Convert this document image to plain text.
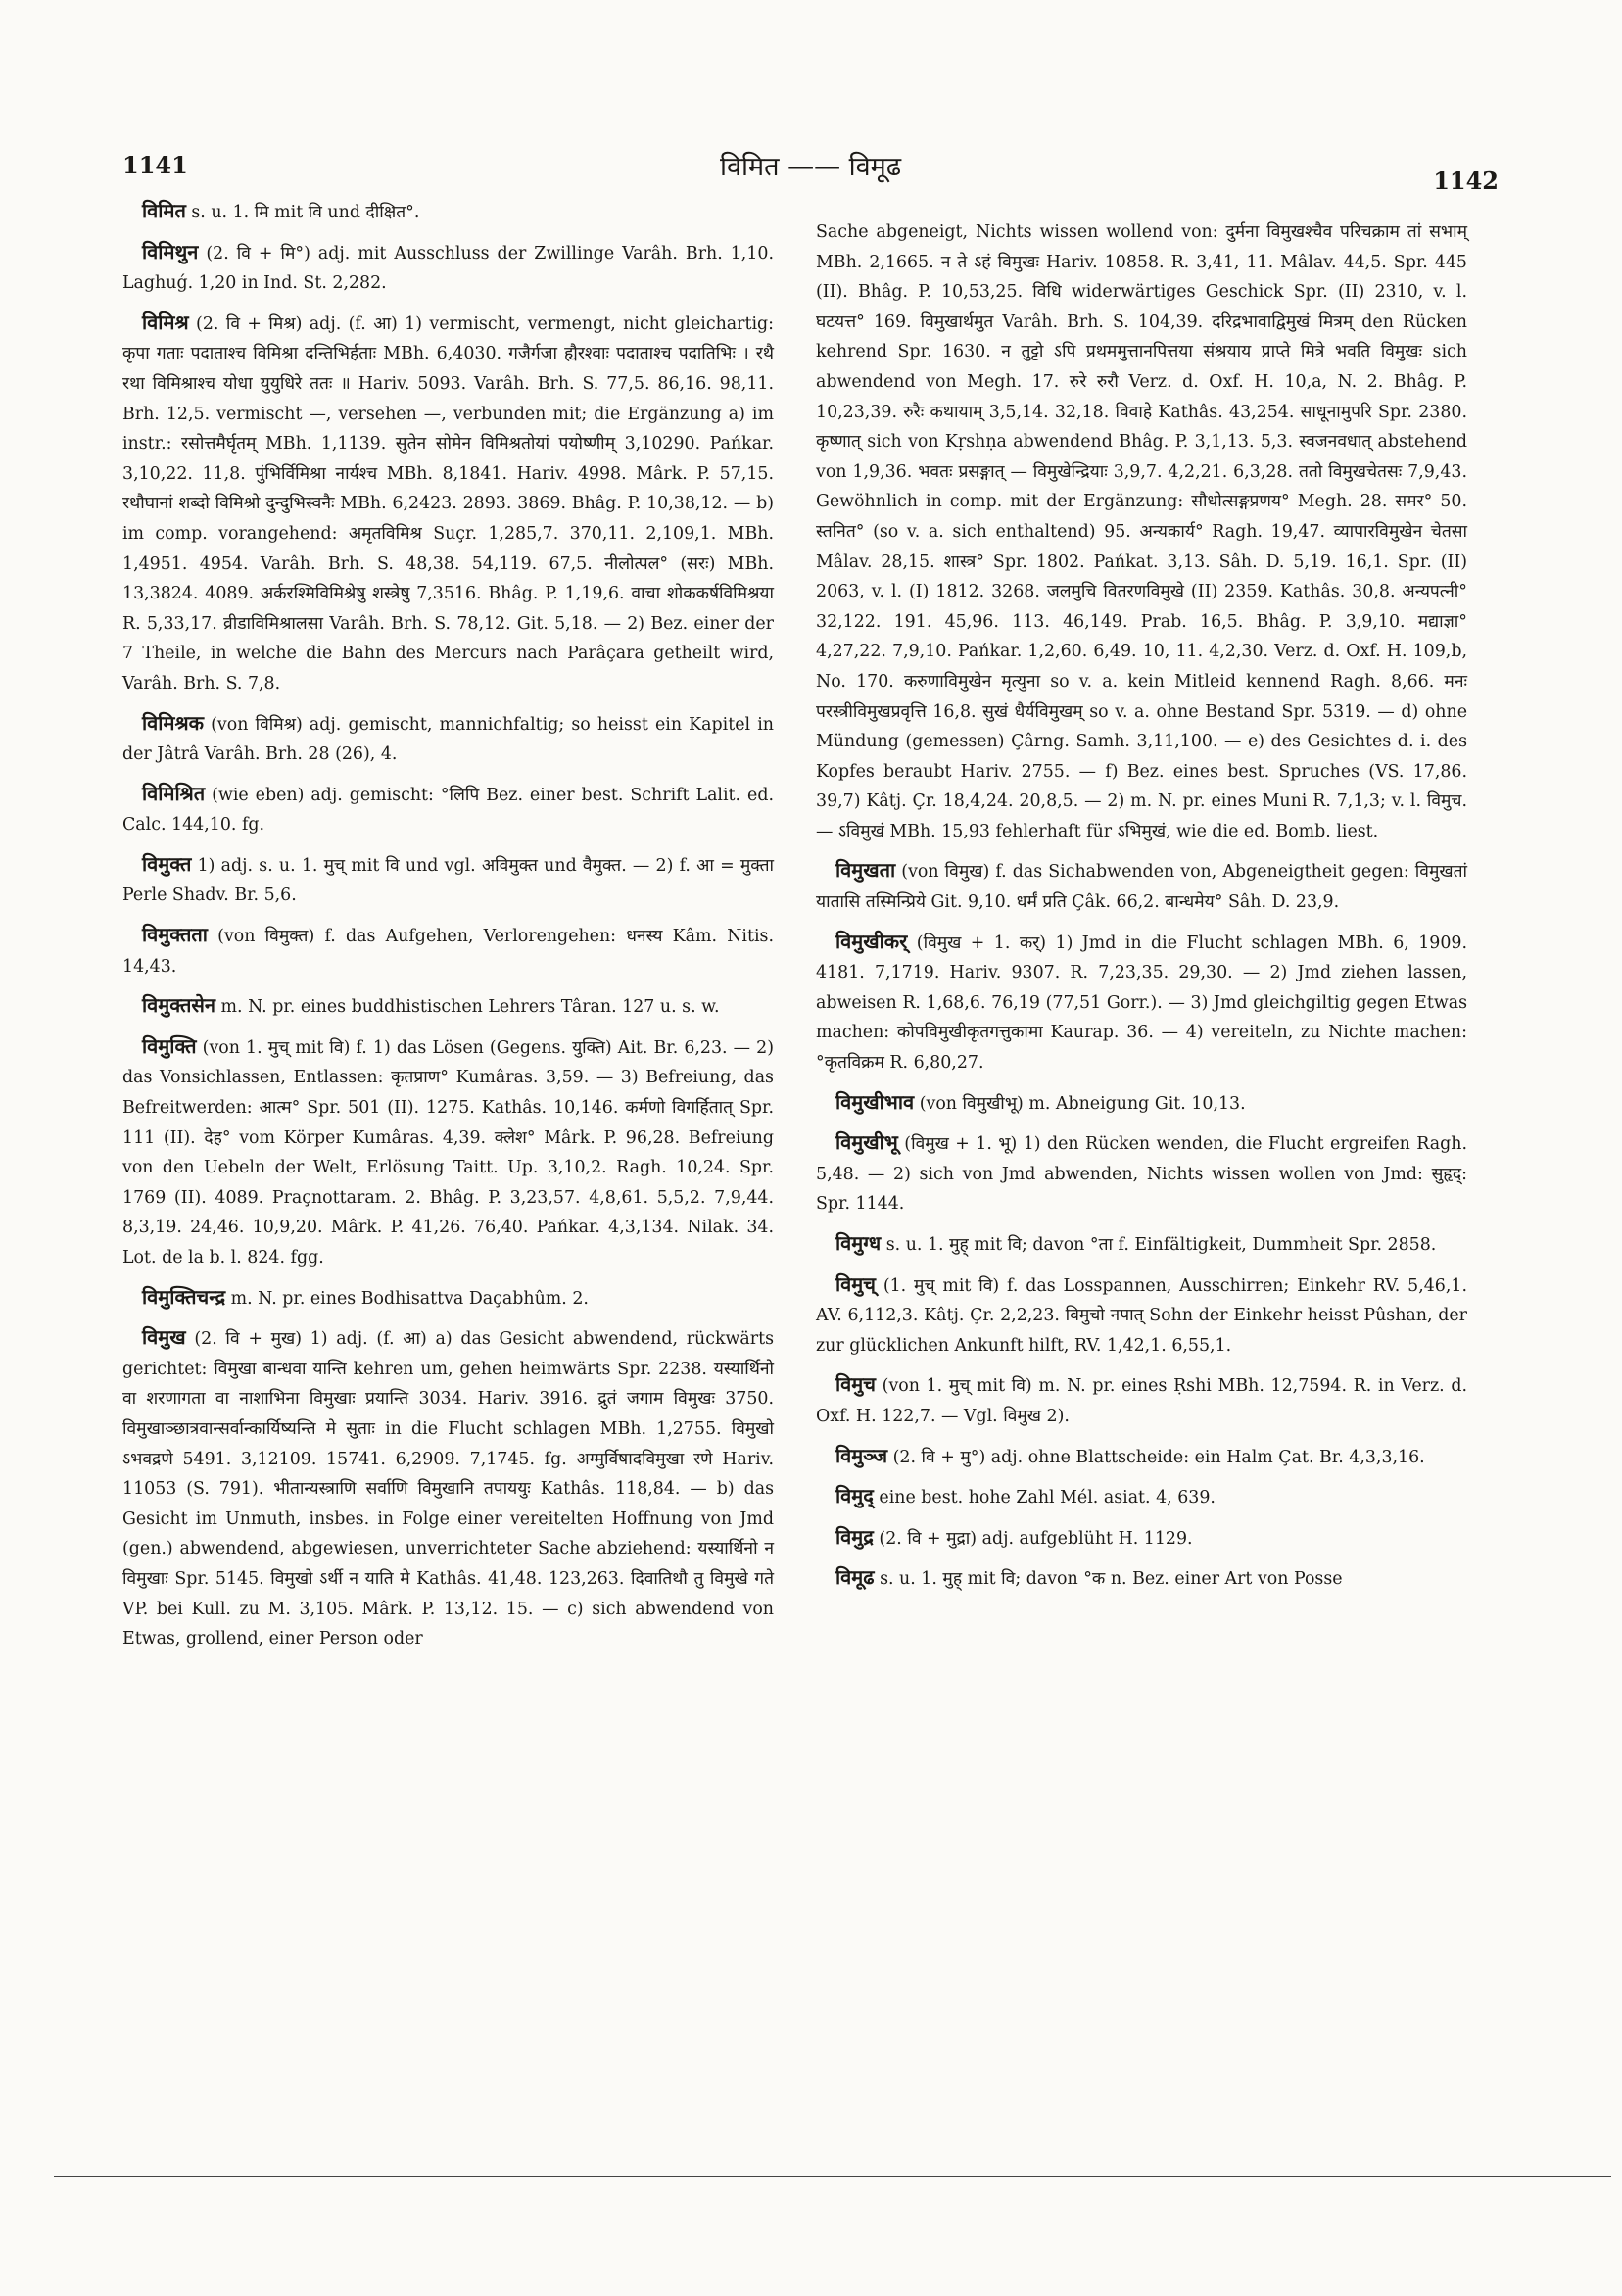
1141	विमित —— विमूढ	1142

विमित s. u. 1. मि mit वि und दीक्षित°.

विमिथुन (2. वि + मि°) adj. mit Ausschluss der Zwillinge Varâh. Brh. 1,10. Laghuǵ. 1,20 in Ind. St. 2,282.

विमिश्र (2. वि + मिश्र) adj. (f. आ) 1) vermischt, vermengt, nicht gleichartig: कृपा गताः पदाताश्च विमिश्रा दन्तिभिर्हताः MBh. 6,4030. गजैर्गजा ह्यैरश्वाः पदाताश्च पदातिभिः । रथै रथा विमिश्राश्च योधा युयुधिरे ततः ॥ Hariv. 5093. Varâh. Brh. S. 77,5. 86,16. 98,11. Brh. 12,5. vermischt —, versehen —, verbunden mit; die Ergänzung a) im instr.: रसोत्तमैर्घृतम् MBh. 1,1139. सुतेन सोमेन विमिश्रतोयां पयोष्णीम् 3,10290. Pańkar. 3,10,22. 11,8. पुंभिर्विमिश्रा नार्यश्च MBh. 8,1841. Hariv. 4998. Mârk. P. 57,15. रथौघानां शब्दो विमिश्रो दुन्दुभिस्वनैः MBh. 6,2423. 2893. 3869. Bhâg. P. 10,38,12. — b) im comp. vorangehend: अमृतविमिश्र Suçr. 1,285,7. 370,11. 2,109,1. MBh. 1,4951. 4954. Varâh. Brh. S. 48,38. 54,119. 67,5. नीलोत्पल° (सरः) MBh. 13,3824. 4089. अर्करश्मिविमिश्रेषु शस्त्रेषु 7,3516. Bhâg. P. 1,19,6. वाचा शोककर्षविमिश्रया R. 5,33,17. व्रीडाविमिश्रालसा Varâh. Brh. S. 78,12. Git. 5,18. — 2) Bez. einer der 7 Theile, in welche die Bahn des Mercurs nach Parâçara getheilt wird, Varâh. Brh. S. 7,8.

विमिश्रक (von विमिश्र) adj. gemischt, mannichfaltig; so heisst ein Kapitel in der Jâtrâ Varâh. Brh. 28 (26), 4.

विमिश्रित (wie eben) adj. gemischt: °लिपि Bez. einer best. Schrift Lalit. ed. Calc. 144,10. fg.

विमुक्त 1) adj. s. u. 1. मुच् mit वि und vgl. अविमुक्त und वैमुक्त. — 2) f. आ = मुक्ता Perle Shadv. Br. 5,6.

विमुक्तता (von विमुक्त) f. das Aufgehen, Verlorengehen: धनस्य Kâm. Nitis. 14,43.

विमुक्तसेन m. N. pr. eines buddhistischen Lehrers Târan. 127 u. s. w.

विमुक्ति (von 1. मुच् mit वि) f. 1) das Lösen (Gegens. युक्ति) Ait. Br. 6,23. — 2) das Vonsichlassen, Entlassen: कृतप्राण° Kumâras. 3,59. — 3) Befreiung, das Befreitwerden: आत्म° Spr. 501 (II). 1275. Kathâs. 10,146. कर्मणो विगर्हितात् Spr. 111 (II). देह° vom Körper Kumâras. 4,39. क्लेश° Mârk. P. 96,28. Befreiung von den Uebeln der Welt, Erlösung Taitt. Up. 3,10,2. Ragh. 10,24. Spr. 1769 (II). 4089. Praçnottaram. 2. Bhâg. P. 3,23,57. 4,8,61. 5,5,2. 7,9,44. 8,3,19. 24,46. 10,9,20. Mârk. P. 41,26. 76,40. Pańkar. 4,3,134. Nilak. 34. Lot. de la b. l. 824. fgg.

विमुक्तिचन्द्र m. N. pr. eines Bodhisattva Daçabhûm. 2.

विमुख (2. वि + मुख) 1) adj. (f. आ) a) das Gesicht abwendend, rückwärts gerichtet: विमुखा बान्धवा यान्ति kehren um, gehen heimwärts Spr. 2238. यस्यार्थिनो वा शरणागता वा नाशाभिना विमुखाः प्रयान्ति 3034. Hariv. 3916. द्रुतं जगाम विमुखः 3750. विमुखाञ्छात्रवान्सर्वान्कार्यिष्यन्ति मे सुताः in die Flucht schlagen MBh. 1,2755. विमुखो ऽभवद्रणे 5491. 3,12109. 15741. 6,2909. 7,1745. fg. अग्मुर्विषादविमुखा रणे Hariv. 11053 (S. 791). भीतान्यस्त्राणि सर्वाणि विमुखानि तपाययुः Kathâs. 118,84. — b) das Gesicht im Unmuth, insbes. in Folge einer vereitelten Hoffnung von Jmd (gen.) abwendend, abgewiesen, unverrichteter Sache abziehend: यस्यार्थिनो न विमुखाः Spr. 5145. विमुखो ऽर्थी न याति मे Kathâs. 41,48. 123,263. दिवातिथौ तु विमुखे गते VP. bei Kull. zu M. 3,105. Mârk. P. 13,12. 15. — c) sich abwendend von Etwas, grollend, einer Person oder

Sache abgeneigt, Nichts wissen wollend von: दुर्मना विमुखश्चैव परिचक्राम तां सभाम् MBh. 2,1665. न ते ऽहं विमुखः Hariv. 10858. R. 3,41, 11. Mâlav. 44,5. Spr. 445 (II). Bhâg. P. 10,53,25. विधि widerwärtiges Geschick Spr. (II) 2310, v. l. घटयत्त° 169. विमुखार्थमुत Varâh. Brh. S. 104,39. दरिद्रभावाद्विमुखं मित्रम् den Rücken kehrend Spr. 1630. न तुट्टो ऽपि प्रथममुत्तानपित्तया संश्रयाय प्राप्ते मित्रे भवति विमुखः sich abwendend von Megh. 17. रुरे रुरौ Verz. d. Oxf. H. 10,a, N. 2. Bhâg. P. 10,23,39. रुरैः कथायाम् 3,5,14. 32,18. विवाहे Kathâs. 43,254. साधूनामुपरि Spr. 2380. कृष्णात् sich von Kṛshṇa abwendend Bhâg. P. 3,1,13. 5,3. स्वजनवधात् abstehend von 1,9,36. भवतः प्रसङ्गात् — विमुखेन्द्रियाः 3,9,7. 4,2,21. 6,3,28. ततो विमुखचेतसः 7,9,43. Gewöhnlich in comp. mit der Ergänzung: सौधोत्सङ्गप्रणय° Megh. 28. समर° 50. स्तनित° (so v. a. sich enthaltend) 95. अन्यकार्य° Ragh. 19,47. व्यापारविमुखेन चेतसा Mâlav. 28,15. शास्त्र° Spr. 1802. Pańkat. 3,13. Sâh. D. 5,19. 16,1. Spr. (II) 2063, v. l. (I) 1812. 3268. जलमुचि वितरणविमुखे (II) 2359. Kathâs. 30,8. अन्यपत्नी° 32,122. 191. 45,96. 113. 46,149. Prab. 16,5. Bhâg. P. 3,9,10. मद्याज्ञा° 4,27,22. 7,9,10. Pańkar. 1,2,60. 6,49. 10, 11. 4,2,30. Verz. d. Oxf. H. 109,b, No. 170. करुणाविमुखेन मृत्युना so v. a. kein Mitleid kennend Ragh. 8,66. मनः परस्त्रीविमुखप्रवृत्ति 16,8. सुखं धैर्यविमुखम् so v. a. ohne Bestand Spr. 5319. — d) ohne Mündung (gemessen) Çârng. Samh. 3,11,100. — e) des Gesichtes d. i. des Kopfes beraubt Hariv. 2755. — f) Bez. eines best. Spruches (VS. 17,86. 39,7) Kâtj. Çr. 18,4,24. 20,8,5. — 2) m. N. pr. eines Muni R. 7,1,3; v. l. विमुच. — ऽविमुखं MBh. 15,93 fehlerhaft für ऽभिमुखं, wie die ed. Bomb. liest.

विमुखता (von विमुख) f. das Sichabwenden von, Abgeneigtheit gegen: विमुखतां यातासि तस्मिन्प्रिये Git. 9,10. धर्मं प्रति Çâk. 66,2. बान्धमेय° Sâh. D. 23,9.

विमुखीकर् (विमुख + 1. कर्) 1) Jmd in die Flucht schlagen MBh. 6, 1909. 4181. 7,1719. Hariv. 9307. R. 7,23,35. 29,30. — 2) Jmd ziehen lassen, abweisen R. 1,68,6. 76,19 (77,51 Gorr.). — 3) Jmd gleichgiltig gegen Etwas machen: कोपविमुखीकृतगत्तुकामा Kaurap. 36. — 4) vereiteln, zu Nichte machen: °कृतविक्रम R. 6,80,27.

विमुखीभाव (von विमुखीभू) m. Abneigung Git. 10,13.

विमुखीभू (विमुख + 1. भू) 1) den Rücken wenden, die Flucht ergreifen Ragh. 5,48. — 2) sich von Jmd abwenden, Nichts wissen wollen von Jmd: सुहृद्: Spr. 1144.

विमुग्ध s. u. 1. मुह् mit वि; davon °ता f. Einfältigkeit, Dummheit Spr. 2858.

विमुच् (1. मुच् mit वि) f. das Losspannen, Ausschirren; Einkehr RV. 5,46,1. AV. 6,112,3. Kâtj. Çr. 2,2,23. विमुचो नपात् Sohn der Einkehr heisst Pûshan, der zur glücklichen Ankunft hilft, RV. 1,42,1. 6,55,1.

विमुच (von 1. मुच् mit वि) m. N. pr. eines Ṛshi MBh. 12,7594. R. in Verz. d. Oxf. H. 122,7. — Vgl. विमुख 2).

विमुञ्ज (2. वि + मु°) adj. ohne Blattscheide: ein Halm Çat. Br. 4,3,3,16.

विमुद् eine best. hohe Zahl Mél. asiat. 4, 639.

विमुद्र (2. वि + मुद्रा) adj. aufgeblüht H. 1129.

विमूढ s. u. 1. मुह् mit वि; davon °क n. Bez. einer Art von Posse
